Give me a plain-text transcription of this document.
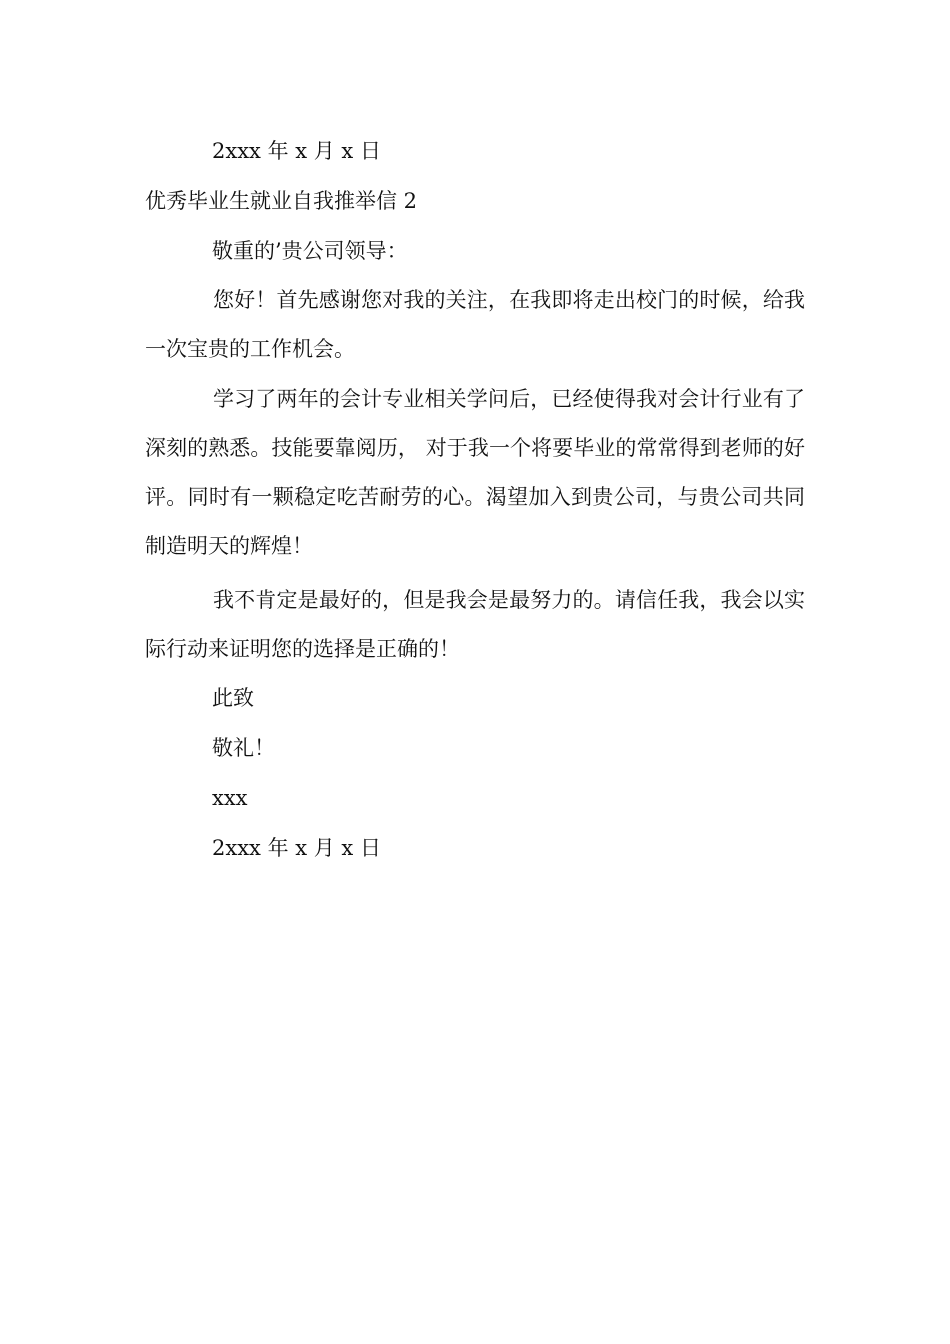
2xxx 年 x 月 x 日
优秀毕业生就业自我推举信 2
敬重的’贵公司领导：
您好！首先感谢您对我的关注，在我即将走出校门的时候，给我一次宝贵的工作机会。
学习了两年的会计专业相关学问后，已经使得我对会计行业有了深刻的熟悉。技能要靠阅历， 对于我一个将要毕业的常常得到老师的好评。同时有一颗稳定吃苦耐劳的心。渴望加入到贵公司，与贵公司共同制造明天的辉煌！
我不肯定是最好的，但是我会是最努力的。请信任我，我会以实际行动来证明您的选择是正确的！
此致
敬礼！
xxx
2xxx 年 x 月 x 日
